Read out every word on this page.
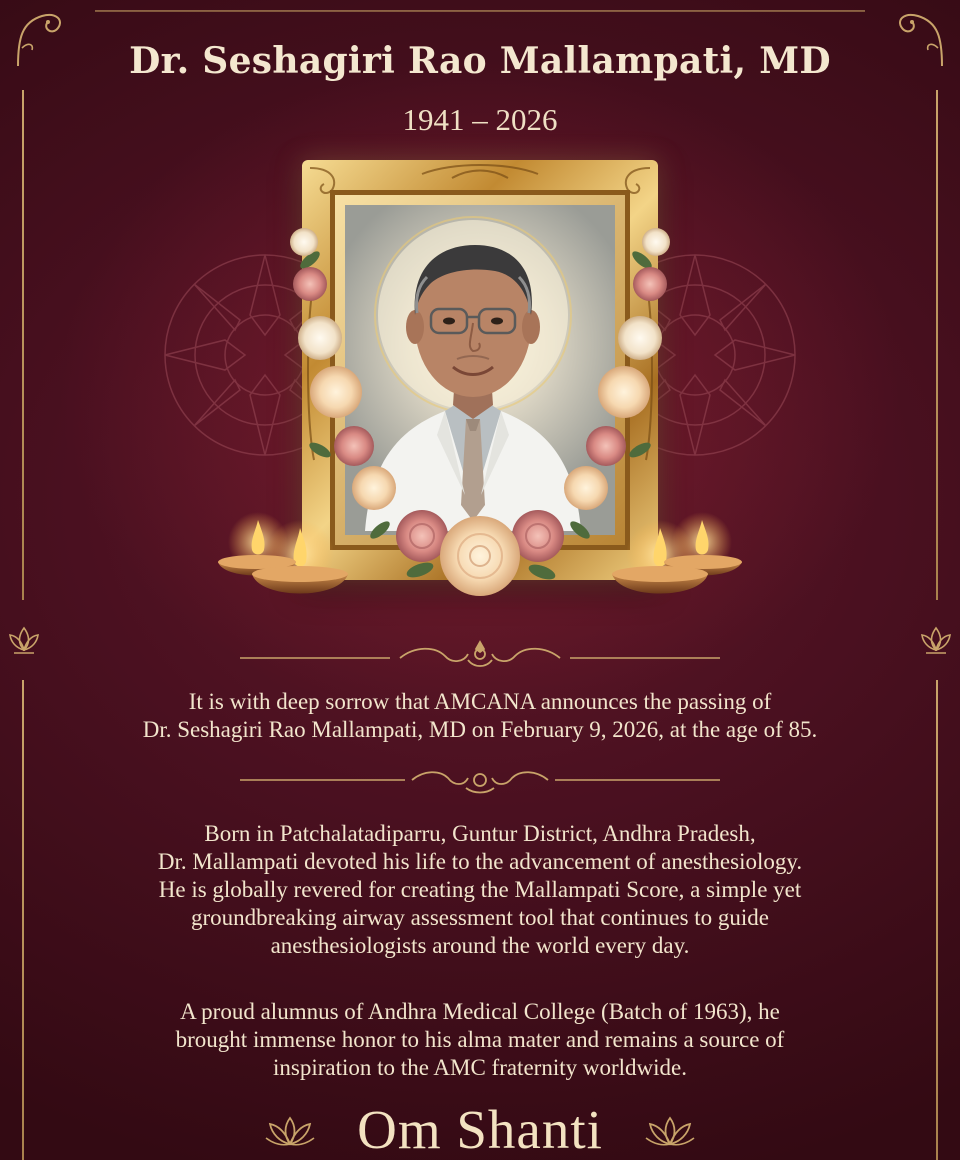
Dr. Seshagiri Rao Mallampati, MD
1941 – 2026
It is with deep sorrow that AMCANA announces the passing of
Dr. Seshagiri Rao Mallampati, MD on February 9, 2026, at the age of 85.
Born in Patchalatadiparru, Guntur District, Andhra Pradesh,
Dr. Mallampati devoted his life to the advancement of anesthesiology.
He is globally revered for creating the Mallampati Score, a simple yet
groundbreaking airway assessment tool that continues to guide
anesthesiologists around the world every day.
A proud alumnus of Andhra Medical College (Batch of 1963), he
brought immense honor to his alma mater and remains a source of
inspiration to the AMC fraternity worldwide.
Om Shanti
